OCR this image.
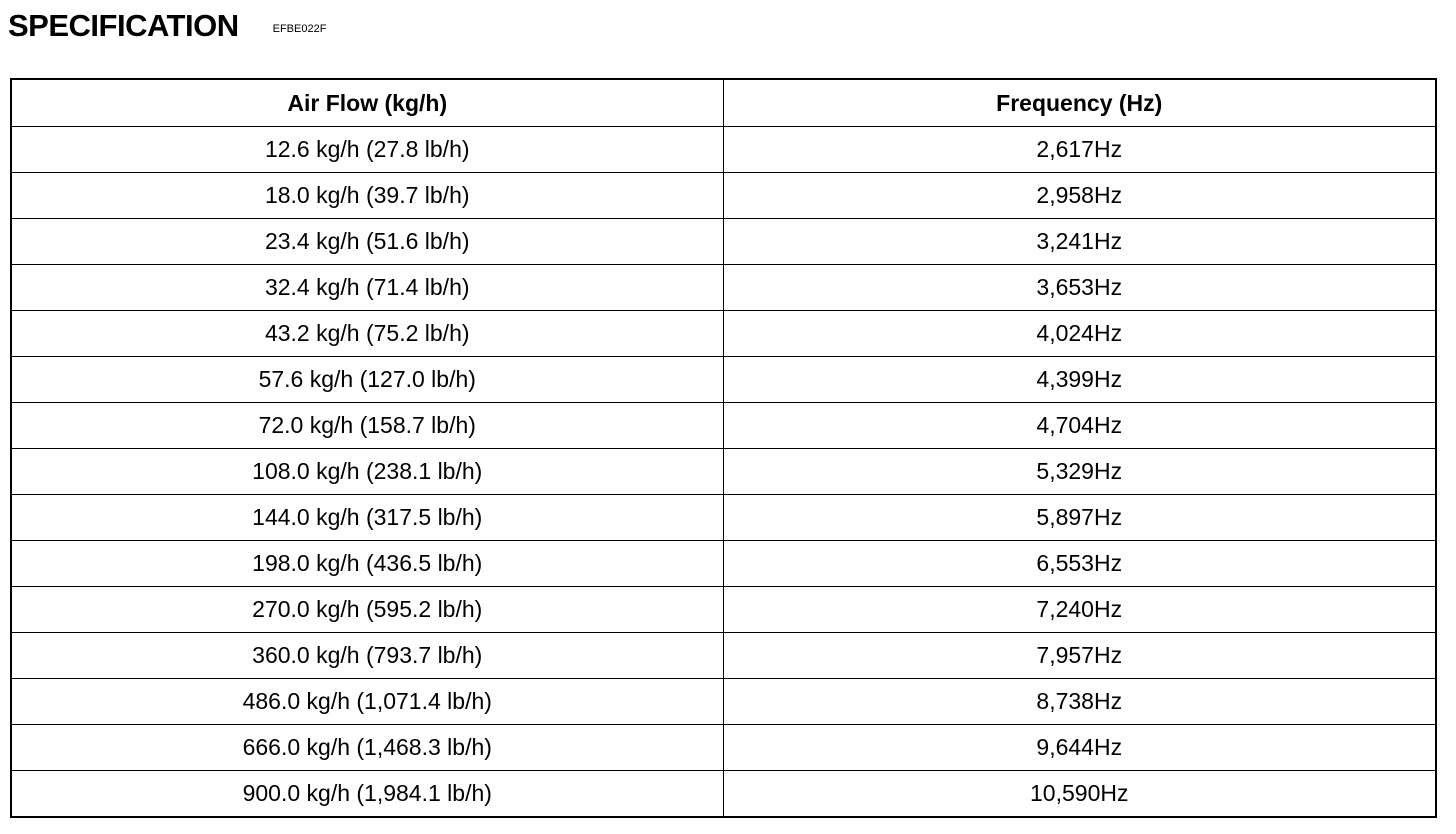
SPECIFICATION	EFBE022F
Air Flow (kg/h)	Frequency (Hz)
12.6 kg/h (27.8 lb/h)	2,617Hz
18.0 kg/h (39.7 lb/h)	2,958Hz
23.4 kg/h (51.6 lb/h)	3,241Hz
32.4 kg/h (71.4 lb/h)	3,653Hz
43.2 kg/h (75.2 lb/h)	4,024Hz
57.6 kg/h (127.0 lb/h)	4,399Hz
72.0 kg/h (158.7 lb/h)	4,704Hz
108.0 kg/h (238.1 lb/h)	5,329Hz
144.0 kg/h (317.5 lb/h)	5,897Hz
198.0 kg/h (436.5 lb/h)	6,553Hz
270.0 kg/h (595.2 lb/h)	7,240Hz
360.0 kg/h (793.7 lb/h)	7,957Hz
486.0 kg/h (1,071.4 lb/h)	8,738Hz
666.0 kg/h (1,468.3 lb/h)	9,644Hz
900.0 kg/h (1,984.1 lb/h)	10,590Hz
